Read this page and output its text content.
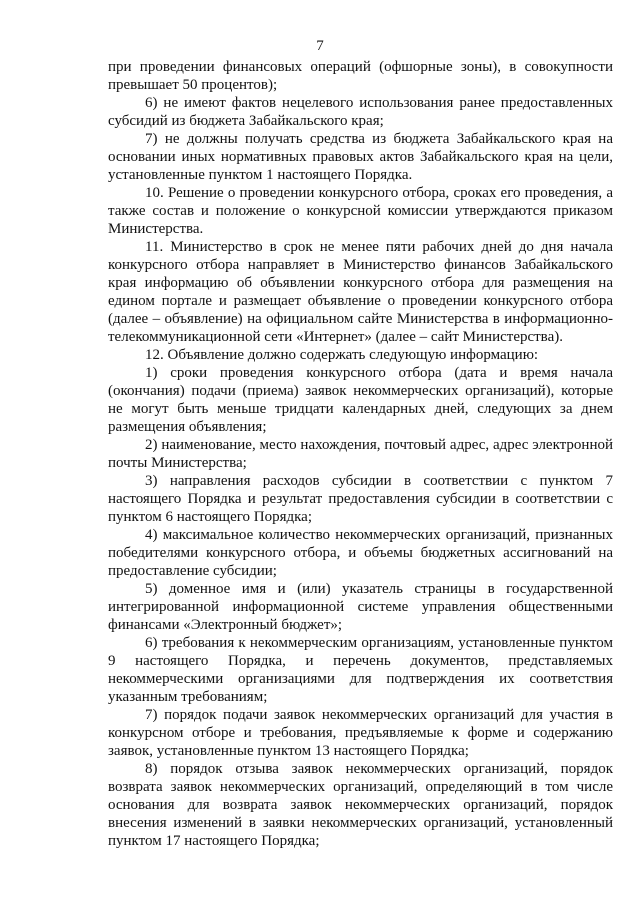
7

при проведении финансовых операций (офшорные зоны), в совокупности превышает 50 процентов);

6) не имеют фактов нецелевого использования ранее предоставленных субсидий из бюджета Забайкальского края;

7) не должны получать средства из бюджета Забайкальского края на основании иных нормативных правовых актов Забайкальского края на цели, установленные пунктом 1 настоящего Порядка.

10. Решение о проведении конкурсного отбора, сроках его проведения, а также состав и положение о конкурсной комиссии утверждаются приказом Министерства.

11. Министерство в срок не менее пяти рабочих дней до дня начала конкурсного отбора направляет в Министерство финансов Забайкальского края информацию об объявлении конкурсного отбора для размещения на едином портале и размещает объявление о проведении конкурсного отбора (далее – объявление) на официальном сайте Министерства в информационно-телекоммуникационной сети «Интернет» (далее – сайт Министерства).

12. Объявление должно содержать следующую информацию:

1) сроки проведения конкурсного отбора (дата и время начала (окончания) подачи (приема) заявок некоммерческих организаций), которые не могут быть меньше тридцати календарных дней, следующих за днем размещения объявления;

2) наименование, место нахождения, почтовый адрес, адрес электронной почты Министерства;

3) направления расходов субсидии в соответствии с пунктом 7 настоящего Порядка и результат предоставления субсидии в соответствии с пунктом 6 настоящего Порядка;

4) максимальное количество некоммерческих организаций, признанных победителями конкурсного отбора, и объемы бюджетных ассигнований на предоставление субсидии;

5) доменное имя и (или) указатель страницы в государственной интегрированной информационной системе управления общественными финансами «Электронный бюджет»;

6) требования к некоммерческим организациям, установленные пунктом 9 настоящего Порядка, и перечень документов, представляемых некоммерческими организациями для подтверждения их соответствия указанным требованиям;

7) порядок подачи заявок некоммерческих организаций для участия в конкурсном отборе и требования, предъявляемые к форме и содержанию заявок, установленные пунктом 13 настоящего Порядка;

8) порядок отзыва заявок некоммерческих организаций, порядок возврата заявок некоммерческих организаций, определяющий в том числе основания для возврата заявок некоммерческих организаций, порядок внесения изменений в заявки некоммерческих организаций, установленный пунктом 17 настоящего Порядка;
